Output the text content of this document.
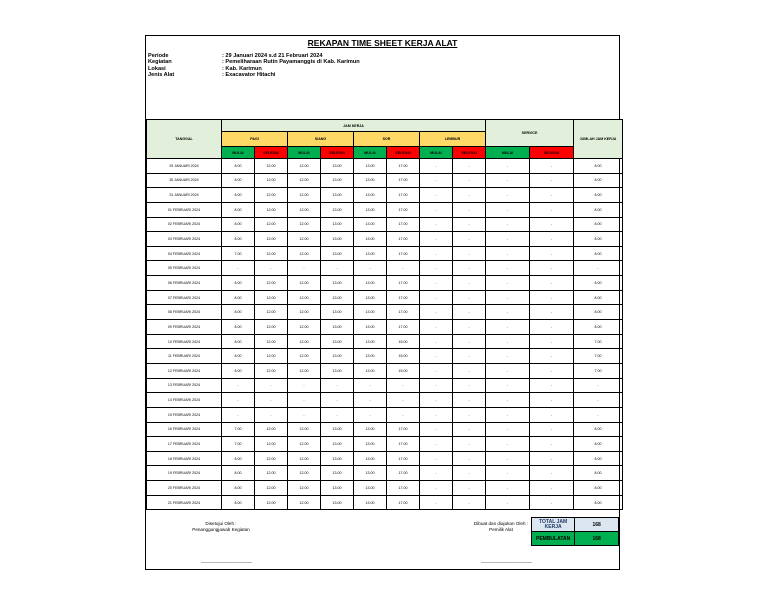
REKAPAN TIME SHEET KERJA ALAT
Periode	: 29 Januari 2024 s.d 21 Februari 2024
Kegiatan	: Pemeliharaan Rutin Payamanggis di Kab. Karimun
Lokasi	: Kab. Karimun
Jenis Alat	: Exacavator Hitachi
TANGGAL	JAM KERJA								SERVICE		JUMLAH JAM KERJA
	PAGI		SIANG		SOR		LEMBUR				
	MULAI	SELESAI	MULAI	SELESAI	MULAI	SELESAI	MULAI	SELESAI	MULAI	SELESAI	
29 JANUARI 2024	8.00	12.00	12.00	13.00	13.00	17.00	-	-	-	-	8.00
30 JANUARI 2024	8.00	12.00	12.00	13.00	13.00	17.00	-	-	-	-	8.00
31 JANUARI 2024	8.00	12.00	12.00	13.00	13.00	17.00	-	-	-	-	8.00
01 FEBRUARI 2024	8.00	12.00	12.00	13.00	13.00	17.00	-	-	-	-	8.00
02 FEBRUARI 2024	8.00	12.00	12.00	13.00	13.00	17.00	-	-	-	-	8.00
03 FEBRUARI 2024	8.00	12.00	12.00	13.00	13.00	17.00	-	-	-	-	8.00
04 FEBRUARI 2024	7.00	12.00	12.00	13.00	13.00	17.00	-	-	-	-	8.00
05 FEBRUARI 2024	-	-	-	-	-	-	-	-	-	-	-
06 FEBRUARI 2024	8.00	12.00	12.00	13.00	13.00	17.00	-	-	-	-	8.00
07 FEBRUARI 2024	8.00	12.00	12.00	13.00	13.00	17.00	-	-	-	-	8.00
08 FEBRUARI 2024	8.00	12.00	12.00	13.00	13.00	17.00	-	-	-	-	8.00
09 FEBRUARI 2024	8.00	12.00	12.00	13.00	13.00	17.00	-	-	-	-	8.00
10 FEBRUARI 2024	8.00	12.00	12.00	13.00	13.00	15.00	-	-	-	-	7.00
11 FEBRUARI 2024	8.00	12.00	12.00	13.00	13.00	15.00	-	-	-	-	7.00
12 FEBRUARI 2024	8.00	12.00	12.00	13.00	13.00	15.00	-	-	-	-	7.00
13 FEBRUARI 2024	-	-	-	-	-	-	-	-	-	-	-
14 FEBRUARI 2024	-	-	-	-	-	-	-	-	-	-	-
15 FEBRUARI 2024	-	-	-	-	-	-	-	-	-	-	-
16 FEBRUARI 2024	7.00	12.00	12.00	13.00	13.00	17.00	-	-	-	-	8.00
17 FEBRUARI 2024	7.00	12.00	12.00	13.00	13.00	17.00	-	-	-	-	8.00
18 FEBRUARI 2024	8.00	12.00	12.00	13.00	13.00	17.00	-	-	-	-	8.00
19 FEBRUARI 2024	8.00	12.00	12.00	13.00	13.00	17.00	-	-	-	-	8.00
20 FEBRUARI 2024	8.00	12.00	12.00	13.00	13.00	17.00	-	-	-	-	8.00
21 FEBRUARI 2024	8.00	12.00	12.00	13.00	13.00	17.00	-	-	-	-	8.00
TOTAL JAM KERJA	168
PEMBULATAN	168
Disetujui Oleh :
Penanggungjawab Kegiatan
____________________
Dibuat dan diajukan Oleh :
Pemilik Alat
____________________
